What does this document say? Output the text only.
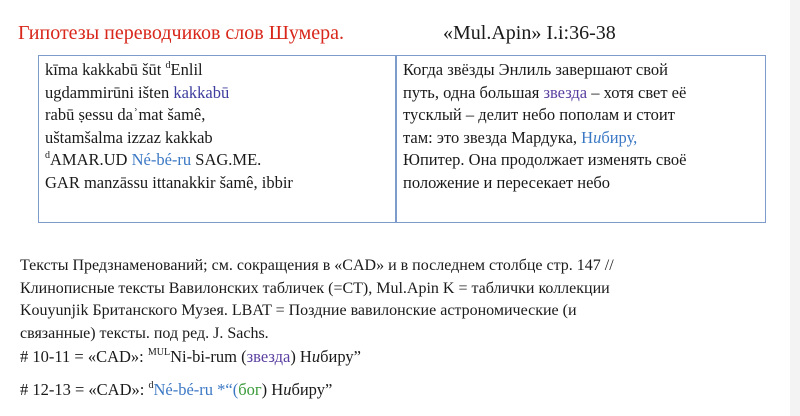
Гипотезы переводчиков слов Шумера.	«Mul.Apin» I.i:36-38
kīma kakkabū šūt $^d$Enlil
ugdammirūni išten kakkabū
rabū ṣessu daʾmat šamê,
uštamšalma izzaz kakkab
$^d$AMAR.UD Né-bé-ru SAG.ME.
GAR manzāssu ittanakkir šamê, ibbir
Когда звёзды Энлиль завершают свой
путь, одна большая звезда – хотя свет её
тусклый – делит небо пополам и стоит
там: это звезда Мардука, Нибиру,
Юпитер. Она продолжает изменять своё
положение и пересекает небо
Тексты Предзнаменований; см. сокращения в «CAD» и в последнем столбце стр. 147 //
Клинописные тексты Вавилонских табличек (=CT), Mul.Apin K = таблички коллекции
Kouyunjik Британского Музея. LBAT = Поздние вавилонские астрономические (и
связанные) тексты. под ред. J. Sachs.
# 10-11 = «CAD»: $^{MUL}$Ni-bi-rum (звезда) Нибиру”
# 12-13 = «CAD»: $^d$Né-bé-ru *“(бог) Нибиру”
